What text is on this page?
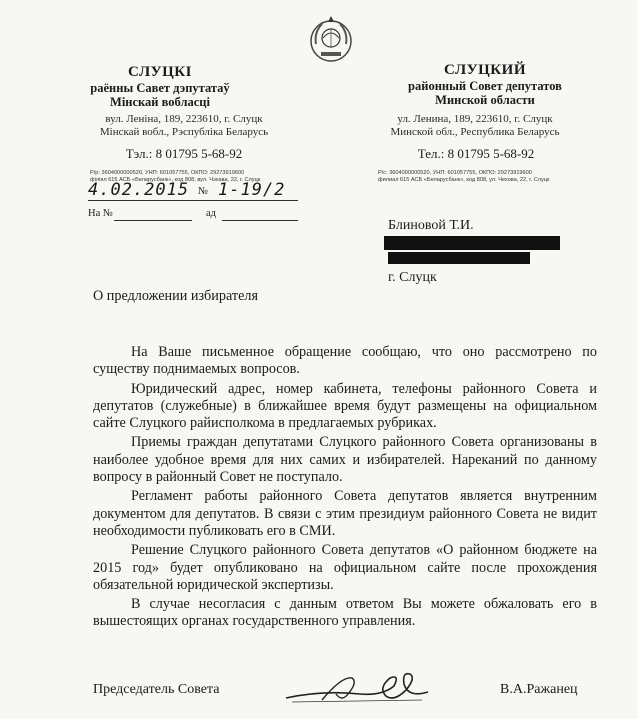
СЛУЦКІ
раённы Савет дэпутатаў
Мінскай вобласці
вул. Леніна, 189, 223610, г. Слуцк
Мінскай вобл., Рэспубліка Беларусь
Тэл.: 8 01795 5-68-92
Р/р: 3604000000520, УНП: 601057755, ОКПО: 29273919600
філіял 615 АСБ «Беларусбанк», код 808, вул. Чэхава, 22, г. Слуцк
СЛУЦКИЙ
районный Совет депутатов
Минской области
ул. Ленина, 189, 223610, г. Слуцк
Минской обл., Республика Беларусь
Тел.: 8 01795 5-68-92
Р/с: 3604000000520, УНП: 601057755, ОКПО: 29273919600
филиал 615 АСБ «Беларусбанк», код 808, ул. Чехова, 22, г. Слуцк
4.02.2015 № 1-19/2
На №	ад
Блиновой Т.И.
г. Слуцк
О предложении избирателя

На Ваше письменное обращение сообщаю, что оно рассмотрено по существу поднимаемых вопросов.

Юридический адрес, номер кабинета, телефоны районного Совета и депутатов (служебные) в ближайшее время будут размещены на официальном сайте Слуцкого райисполкома в предлагаемых рубриках.

Приемы граждан депутатами Слуцкого районного Совета организованы в наиболее удобное время для них самих и избирателей. Нареканий по данному вопросу в районный Совет не поступало.

Регламент работы районного Совета депутатов является внутренним документом для депутатов. В связи с этим президиум районного Совета не видит необходимости публиковать его в СМИ.

Решение Слуцкого районного Совета депутатов «О районном бюджете на 2015 год» будет опубликовано на официальном сайте после прохождения обязательной юридической экспертизы.

В случае несогласия с данным ответом Вы можете обжаловать его в вышестоящих органах государственного управления.

Председатель Совета	В.А.Ражанец
